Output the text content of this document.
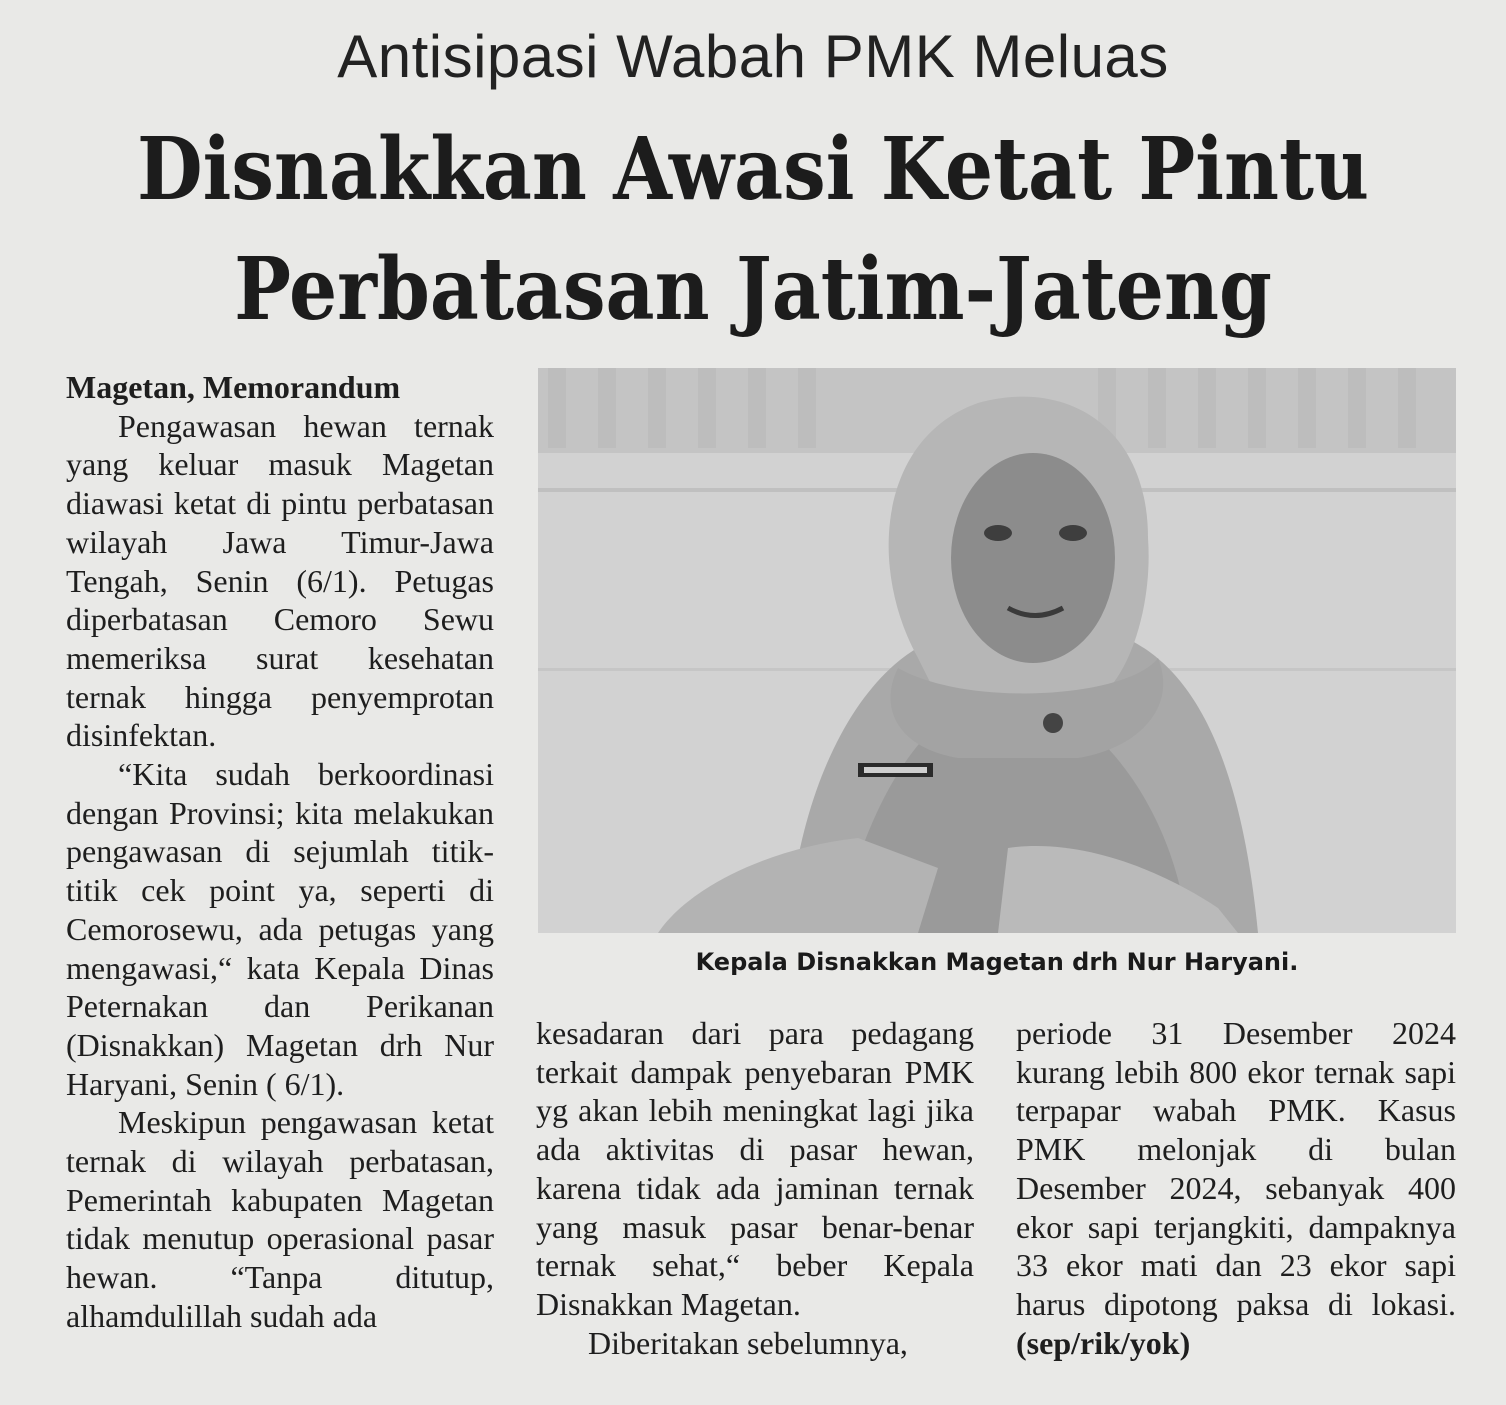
Antisipasi Wabah PMK Meluas
Disnakkan Awasi Ketat Pintu
Perbatasan Jatim-Jateng
Magetan, Memorandum

Pengawasan hewan ternak yang keluar masuk Magetan diawasi ketat di pintu perbatasan wilayah Jawa Timur-Jawa Tengah, Senin (6/1). Petugas diperbatasan Cemoro Sewu memeriksa surat kesehatan ternak hingga penyemprotan disinfektan.

“Kita sudah berkoordinasi dengan Provinsi; kita melakukan pengawasan di sejumlah titik-titik cek point ya, seperti di Cemorosewu, ada petugas yang mengawasi,“ kata Kepala Dinas Peternakan dan Perikanan (Disnakkan) Magetan drh Nur Haryani, Senin ( 6/1).

Meskipun pengawasan ketat ternak di wilayah perbatasan, Pemerintah kabupaten Magetan tidak menutup operasional pasar hewan. “Tanpa ditutup, alhamdulillah sudah ada

Kepala Disnakkan Magetan drh Nur Haryani.

kesadaran dari para pedagang terkait dampak penyebaran PMK yg akan lebih meningkat lagi jika ada aktivitas di pasar hewan, karena tidak ada jaminan ternak yang masuk pasar benar-benar ternak sehat,“ beber Kepala Disnakkan Magetan.

Diberitakan sebelumnya,

periode 31 Desember 2024 kurang lebih 800 ekor ternak sapi terpapar wabah PMK. Kasus PMK melonjak di bulan Desember 2024, sebanyak 400 ekor sapi terjangkiti, dampaknya 33 ekor mati dan 23 ekor sapi harus dipotong paksa di lokasi. (sep/rik/yok)
